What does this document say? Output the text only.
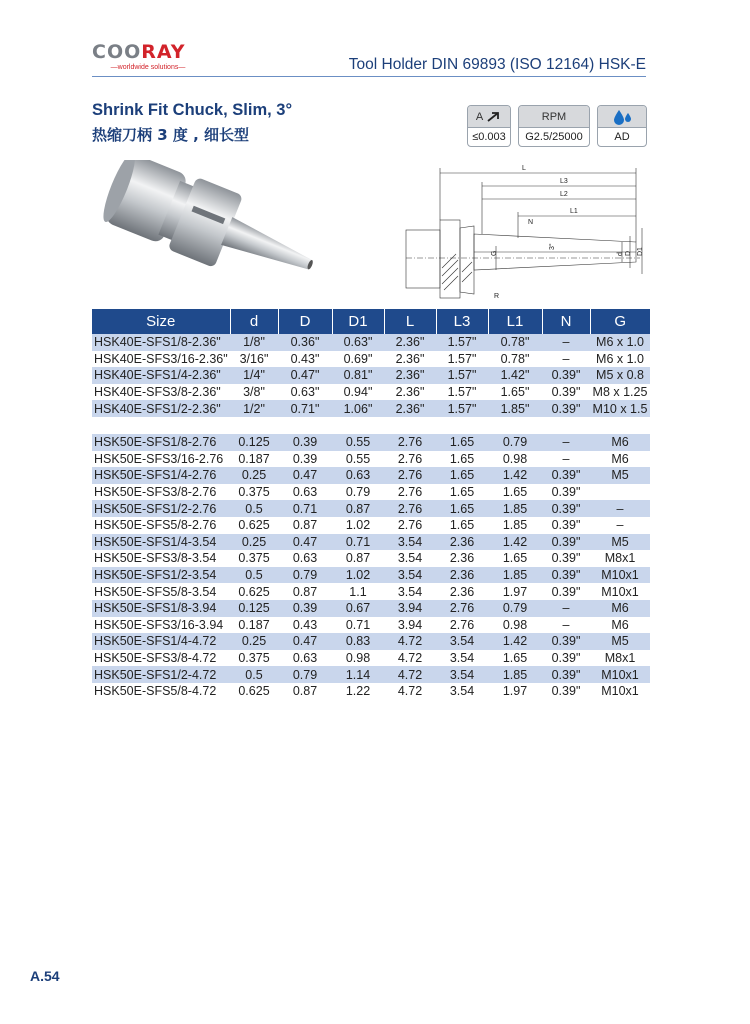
COORAY
—worldwide solutions—	Tool Holder DIN 69893 (ISO 12164) HSK-E
Shrink Fit Chuck, Slim, 3°
热缩刀柄 3 度 , 细长型
A
≤0.003
RPM
G2.5/25000	AD
L
L3
L2
L1
N
G
3°
d D D1
R
Size	d	D	D1	L	L3	L1	N	G
HSK40E-SFS1/8-2.36"	1/8"	0.36"	0.63"	2.36"	1.57"	0.78"	–	M6 x 1.0
HSK40E-SFS3/16-2.36"	3/16"	0.43"	0.69"	2.36"	1.57"	0.78"	–	M6 x 1.0
HSK40E-SFS1/4-2.36"	1/4"	0.47"	0.81"	2.36"	1.57"	1.42"	0.39"	M5 x 0.8
HSK40E-SFS3/8-2.36"	3/8"	0.63"	0.94"	2.36"	1.57"	1.65"	0.39"	M8 x 1.25
HSK40E-SFS1/2-2.36"	1/2"	0.71"	1.06"	2.36"	1.57"	1.85"	0.39"	M10 x 1.5

HSK50E-SFS1/8-2.76	0.125	0.39	0.55	2.76	1.65	0.79	–	M6
HSK50E-SFS3/16-2.76	0.187	0.39	0.55	2.76	1.65	0.98	–	M6
HSK50E-SFS1/4-2.76	0.25	0.47	0.63	2.76	1.65	1.42	0.39"	M5
HSK50E-SFS3/8-2.76	0.375	0.63	0.79	2.76	1.65	1.65	0.39"	
HSK50E-SFS1/2-2.76	0.5	0.71	0.87	2.76	1.65	1.85	0.39"	–
HSK50E-SFS5/8-2.76	0.625	0.87	1.02	2.76	1.65	1.85	0.39"	–
HSK50E-SFS1/4-3.54	0.25	0.47	0.71	3.54	2.36	1.42	0.39"	M5
HSK50E-SFS3/8-3.54	0.375	0.63	0.87	3.54	2.36	1.65	0.39"	M8x1
HSK50E-SFS1/2-3.54	0.5	0.79	1.02	3.54	2.36	1.85	0.39"	M10x1
HSK50E-SFS5/8-3.54	0.625	0.87	1.1	3.54	2.36	1.97	0.39"	M10x1
HSK50E-SFS1/8-3.94	0.125	0.39	0.67	3.94	2.76	0.79	–	M6
HSK50E-SFS3/16-3.94	0.187	0.43	0.71	3.94	2.76	0.98	–	M6
HSK50E-SFS1/4-4.72	0.25	0.47	0.83	4.72	3.54	1.42	0.39"	M5
HSK50E-SFS3/8-4.72	0.375	0.63	0.98	4.72	3.54	1.65	0.39"	M8x1
HSK50E-SFS1/2-4.72	0.5	0.79	1.14	4.72	3.54	1.85	0.39"	M10x1
HSK50E-SFS5/8-4.72	0.625	0.87	1.22	4.72	3.54	1.97	0.39"	M10x1
A.54
